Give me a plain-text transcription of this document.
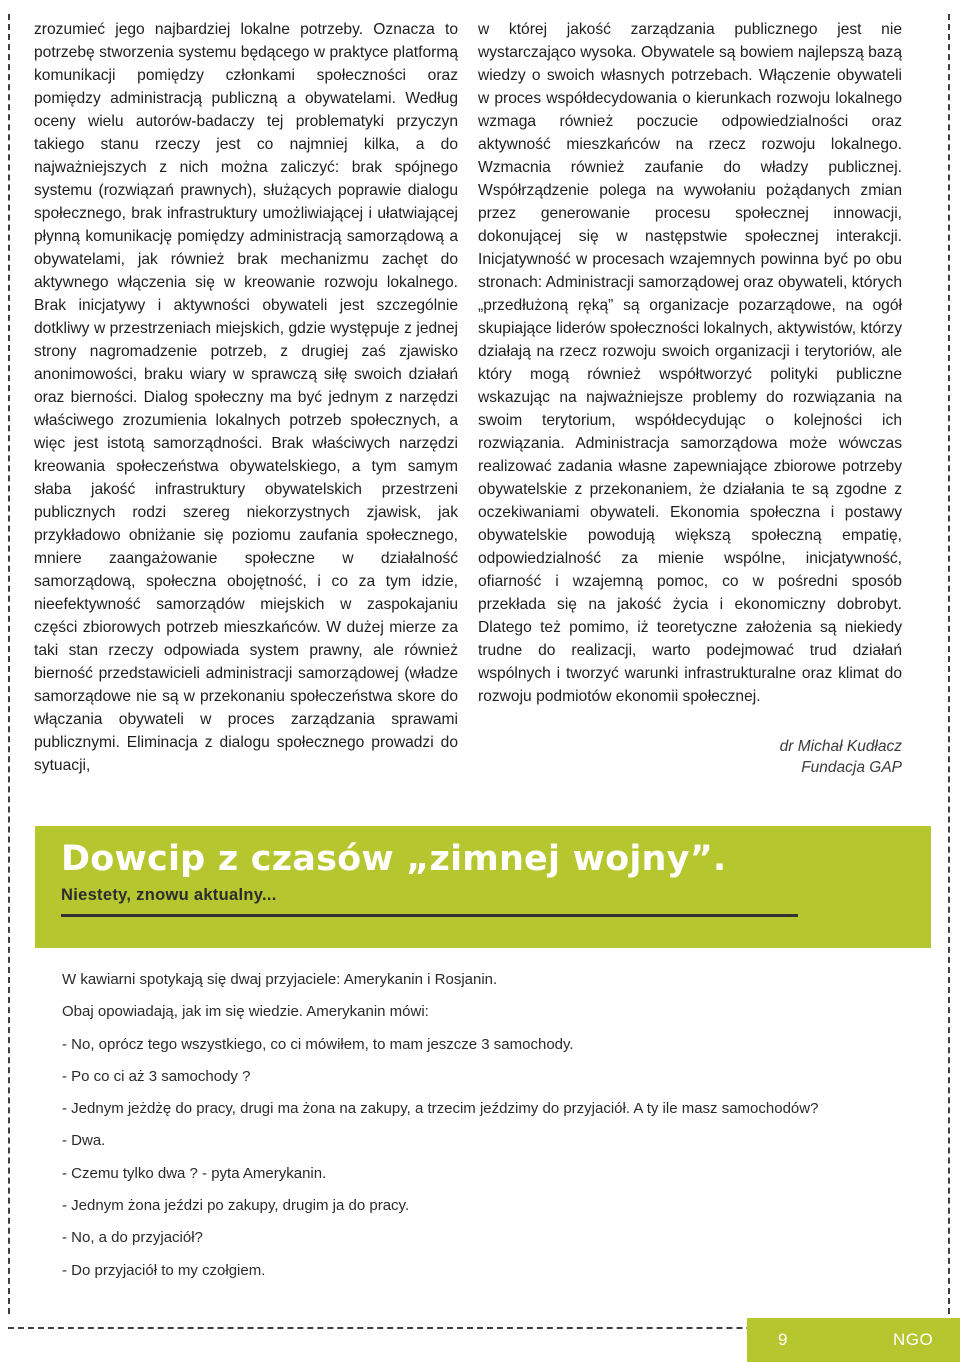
zrozumieć jego najbardziej lokalne potrzeby. Oznacza to potrzebę stworzenia systemu będącego w praktyce platformą komunikacji pomiędzy członkami społeczności oraz pomiędzy administracją publiczną a obywatelami. Według oceny wielu autorów-badaczy tej problematyki przyczyn takiego stanu rzeczy jest co najmniej kilka, a do najważniejszych z nich można zaliczyć: brak spójnego systemu (rozwiązań prawnych), służących poprawie dialogu społecznego, brak infrastruktury umożliwiającej i ułatwiającej płynną komunikację pomiędzy administracją samorządową a obywatelami, jak również brak mechanizmu zachęt do aktywnego włączenia się w kreowanie rozwoju lokalnego. Brak inicjatywy i aktywności obywateli jest szczególnie dotkliwy w przestrzeniach miejskich, gdzie występuje z jednej strony nagromadzenie potrzeb, z drugiej zaś zjawisko anonimowości, braku wiary w sprawczą siłę swoich działań oraz bierności. Dialog społeczny ma być jednym z narzędzi właściwego zrozumienia lokalnych potrzeb społecznych, a więc jest istotą samorządności. Brak właściwych narzędzi kreowania społeczeństwa obywatelskiego, a tym samym słaba jakość infrastruktury obywatelskich przestrzeni publicznych rodzi szereg niekorzystnych zjawisk, jak przykładowo obniżanie się poziomu zaufania społecznego, mniere zaangażowanie społeczne w działalność samorządową, społeczna obojętność, i co za tym idzie, nieefektywność samorządów miejskich w zaspokajaniu części zbiorowych potrzeb mieszkańców. W dużej mierze za taki stan rzeczy odpowiada system prawny, ale również bierność przedstawicieli administracji samorządowej (władze samorządowe nie są w przekonaniu społeczeństwa skore do włączania obywateli w proces zarządzania sprawami publicznymi. Eliminacja z dialogu społecznego prowadzi do sytuacji,

w której jakość zarządzania publicznego jest nie wystarczająco wysoka. Obywatele są bowiem najlepszą bazą wiedzy o swoich własnych potrzebach. Włączenie obywateli w proces współdecydowania o kierunkach rozwoju lokalnego wzmaga również poczucie odpowiedzialności oraz aktywność mieszkańców na rzecz rozwoju lokalnego. Wzmacnia również zaufanie do władzy publicznej. Współrządzenie polega na wywołaniu pożądanych zmian przez generowanie procesu społecznej innowacji, dokonującej się w następstwie społecznej interakcji. Inicjatywność w procesach wzajemnych powinna być po obu stronach: Administracji samorządowej oraz obywateli, których „przedłużoną ręką” są organizacje pozarządowe, na ogół skupiające liderów społeczności lokalnych, aktywistów, którzy działają na rzecz rozwoju swoich organizacji i terytoriów, ale który mogą również współtworzyć polityki publiczne wskazując na najważniejsze problemy do rozwiązania na swoim terytorium, współdecydując o kolejności ich rozwiązania. Administracja samorządowa może wówczas realizować zadania własne zapewniające zbiorowe potrzeby obywatelskie z przekonaniem, że działania te są zgodne z oczekiwaniami obywateli. Ekonomia społeczna i postawy obywatelskie powodują większą społeczną empatię, odpowiedzialność za mienie wspólne, inicjatywność, ofiarność i wzajemną pomoc, co w pośredni sposób przekłada się na jakość życia i ekonomiczny dobrobyt. Dlatego też pomimo, iż teoretyczne założenia są niekiedy trudne do realizacji, warto podejmować trud działań wspólnych i tworzyć warunki infrastrukturalne oraz klimat do rozwoju podmiotów ekonomii społecznej.

dr Michał Kudłacz
Fundacja GAP
Dowcip z czasów „zimnej wojny”.
Niestety, znowu aktualny...
W kawiarni spotykają się dwaj przyjaciele: Amerykanin i Rosjanin.
Obaj opowiadają, jak im się wiedzie. Amerykanin mówi:
- No, oprócz tego wszystkiego, co ci mówiłem, to mam jeszcze 3 samochody.
- Po co ci aż 3 samochody ?
- Jednym jeżdżę do pracy, drugi ma żona na zakupy, a trzecim jeździmy do przyjaciół. A ty ile masz samochodów?
- Dwa.
- Czemu tylko dwa ? - pyta Amerykanin.
- Jednym żona jeździ po zakupy, drugim ja do pracy.
- No, a do przyjaciół?
- Do przyjaciół to my czołgiem.
9	NGO
